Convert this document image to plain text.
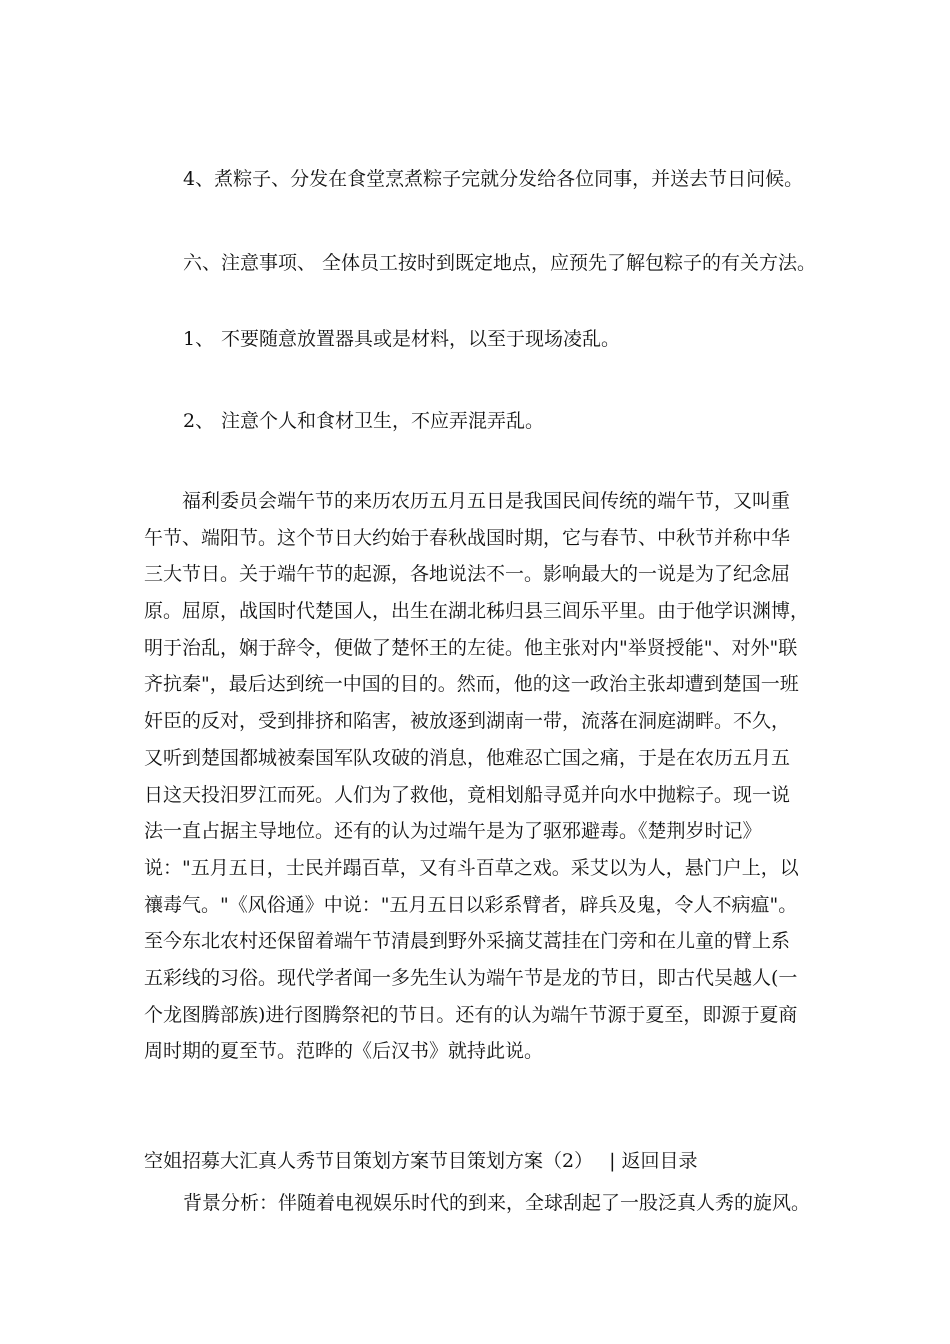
4、煮粽子、分发在食堂烹煮粽子完就分发给各位同事，并送去节日问候。
六、注意事项、 全体员工按时到既定地点，应预先了解包粽子的有关方法。
1、 不要随意放置器具或是材料，以至于现场凌乱。
2、 注意个人和食材卫生，不应弄混弄乱。
福利委员会端午节的来历农历五月五日是我国民间传统的端午节，又叫重
午节、端阳节。这个节日大约始于春秋战国时期，它与春节、中秋节并称中华
三大节日。关于端午节的起源，各地说法不一。影响最大的一说是为了纪念屈
原。屈原，战国时代楚国人，出生在湖北秭归县三闾乐平里。由于他学识渊博，
明于治乱，娴于辞令，便做了楚怀王的左徒。他主张对内"举贤授能"、对外"联
齐抗秦"，最后达到统一中国的目的。然而，他的这一政治主张却遭到楚国一班
奸臣的反对，受到排挤和陷害，被放逐到湖南一带，流落在洞庭湖畔。不久，
又听到楚国都城被秦国军队攻破的消息，他难忍亡国之痛，于是在农历五月五
日这天投汨罗江而死。人们为了救他，竟相划船寻觅并向水中抛粽子。现一说
法一直占据主导地位。还有的认为过端午是为了驱邪避毒。《楚荆岁时记》
说："五月五日，士民并蹋百草，又有斗百草之戏。采艾以为人，悬门户上，以
禳毒气。"《风俗通》中说："五月五日以彩系臂者，辟兵及鬼，令人不病瘟"。
至今东北农村还保留着端午节清晨到野外采摘艾蒿挂在门旁和在儿童的臂上系
五彩线的习俗。现代学者闻一多先生认为端午节是龙的节日，即古代吴越人(一
个龙图腾部族)进行图腾祭祀的节日。还有的认为端午节源于夏至，即源于夏商
周时期的夏至节。范晔的《后汉书》就持此说。
空姐招募大汇真人秀节目策划方案节目策划方案（2） | 返回目录
背景分析：伴随着电视娱乐时代的到来，全球刮起了一股泛真人秀的旋风。
